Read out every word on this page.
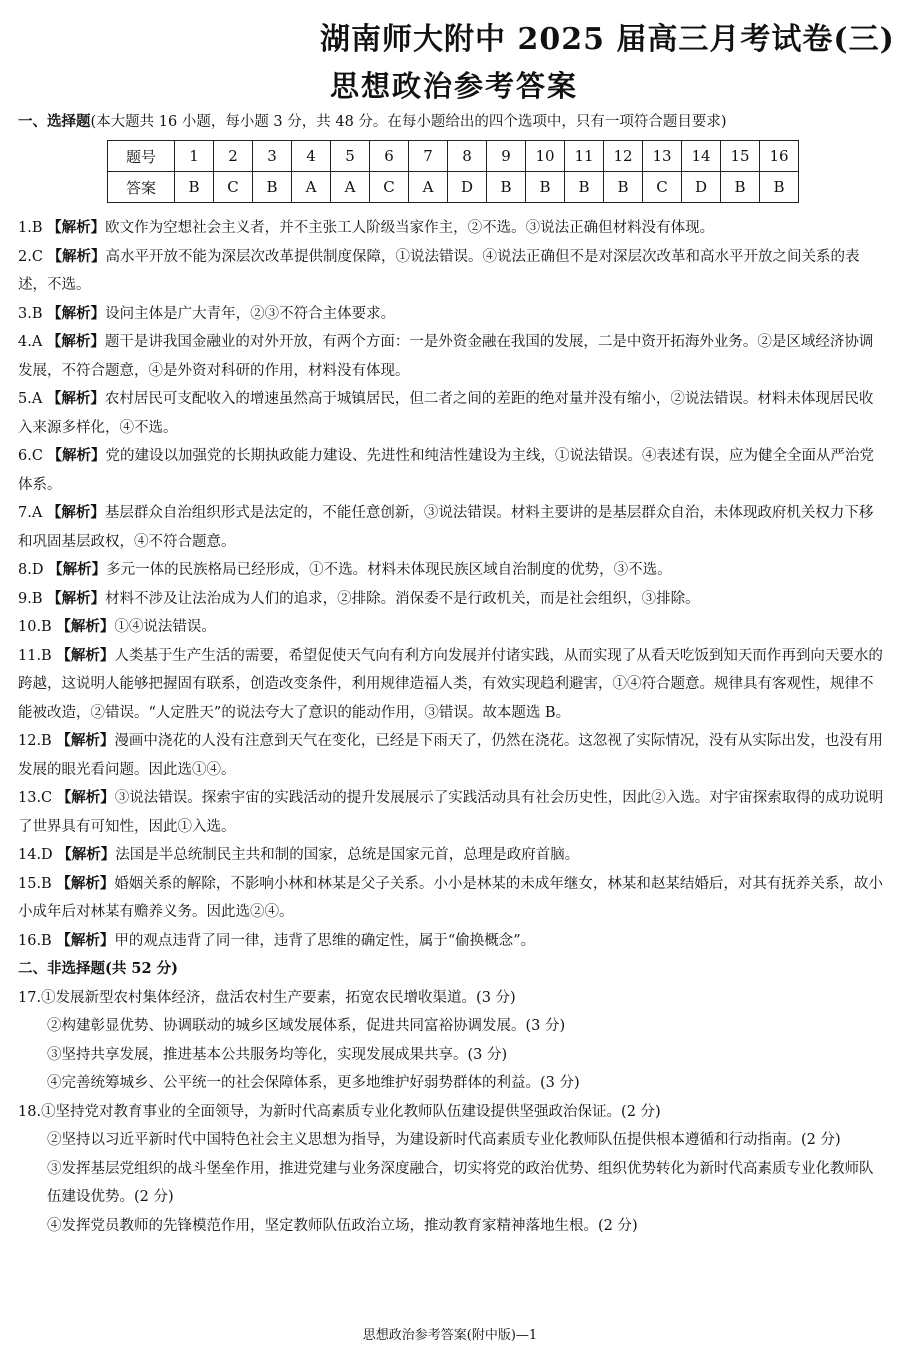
湖南师大附中 2025 届高三月考试卷(三)
思想政治参考答案
一、选择题(本大题共 16 小题，每小题 3 分，共 48 分。在每小题给出的四个选项中，只有一项符合题目要求)
题号	1	2	3	4	5	6	7	8	9	10	11	12	13	14	15	16
答案	B	C	B	A	A	C	A	D	B	B	B	B	C	D	B	B

1.B 【解析】欧文作为空想社会主义者，并不主张工人阶级当家作主，②不选。③说法正确但材料没有体现。

2.C 【解析】高水平开放不能为深层次改革提供制度保障，①说法错误。④说法正确但不是对深层次改革和高水平开放之间关系的表述，不选。

3.B 【解析】设问主体是广大青年，②③不符合主体要求。

4.A 【解析】题干是讲我国金融业的对外开放，有两个方面：一是外资金融在我国的发展，二是中资开拓海外业务。②是区域经济协调发展，不符合题意，④是外资对科研的作用，材料没有体现。

5.A 【解析】农村居民可支配收入的增速虽然高于城镇居民，但二者之间的差距的绝对量并没有缩小，②说法错误。材料未体现居民收入来源多样化，④不选。

6.C 【解析】党的建设以加强党的长期执政能力建设、先进性和纯洁性建设为主线，①说法错误。④表述有误，应为健全全面从严治党体系。

7.A 【解析】基层群众自治组织形式是法定的，不能任意创新，③说法错误。材料主要讲的是基层群众自治，未体现政府机关权力下移和巩固基层政权，④不符合题意。

8.D 【解析】多元一体的民族格局已经形成，①不选。材料未体现民族区域自治制度的优势，③不选。

9.B 【解析】材料不涉及让法治成为人们的追求，②排除。消保委不是行政机关，而是社会组织，③排除。

10.B 【解析】①④说法错误。

11.B 【解析】人类基于生产生活的需要，希望促使天气向有利方向发展并付诸实践，从而实现了从看天吃饭到知天而作再到向天要水的跨越，这说明人能够把握固有联系，创造改变条件，利用规律造福人类，有效实现趋利避害，①④符合题意。规律具有客观性，规律不能被改造，②错误。“人定胜天”的说法夸大了意识的能动作用，③错误。故本题选 B。

12.B 【解析】漫画中浇花的人没有注意到天气在变化，已经是下雨天了，仍然在浇花。这忽视了实际情况，没有从实际出发，也没有用发展的眼光看问题。因此选①④。

13.C 【解析】③说法错误。探索宇宙的实践活动的提升发展展示了实践活动具有社会历史性，因此②入选。对宇宙探索取得的成功说明了世界具有可知性，因此①入选。

14.D 【解析】法国是半总统制民主共和制的国家，总统是国家元首，总理是政府首脑。

15.B 【解析】婚姻关系的解除，不影响小林和林某是父子关系。小小是林某的未成年继女，林某和赵某结婚后，对其有抚养关系，故小小成年后对林某有赡养义务。因此选②④。

16.B 【解析】甲的观点违背了同一律，违背了思维的确定性，属于“偷换概念”。

二、非选择题(共 52 分)

17.①发展新型农村集体经济，盘活农村生产要素，拓宽农民增收渠道。(3 分)

②构建彰显优势、协调联动的城乡区域发展体系，促进共同富裕协调发展。(3 分)

③坚持共享发展，推进基本公共服务均等化，实现发展成果共享。(3 分)

④完善统筹城乡、公平统一的社会保障体系，更多地维护好弱势群体的利益。(3 分)

18.①坚持党对教育事业的全面领导，为新时代高素质专业化教师队伍建设提供坚强政治保证。(2 分)

②坚持以习近平新时代中国特色社会主义思想为指导，为建设新时代高素质专业化教师队伍提供根本遵循和行动指南。(2 分)

③发挥基层党组织的战斗堡垒作用，推进党建与业务深度融合，切实将党的政治优势、组织优势转化为新时代高素质专业化教师队伍建设优势。(2 分)

④发挥党员教师的先锋模范作用，坚定教师队伍政治立场，推动教育家精神落地生根。(2 分)

思想政治参考答案(附中版)—1
